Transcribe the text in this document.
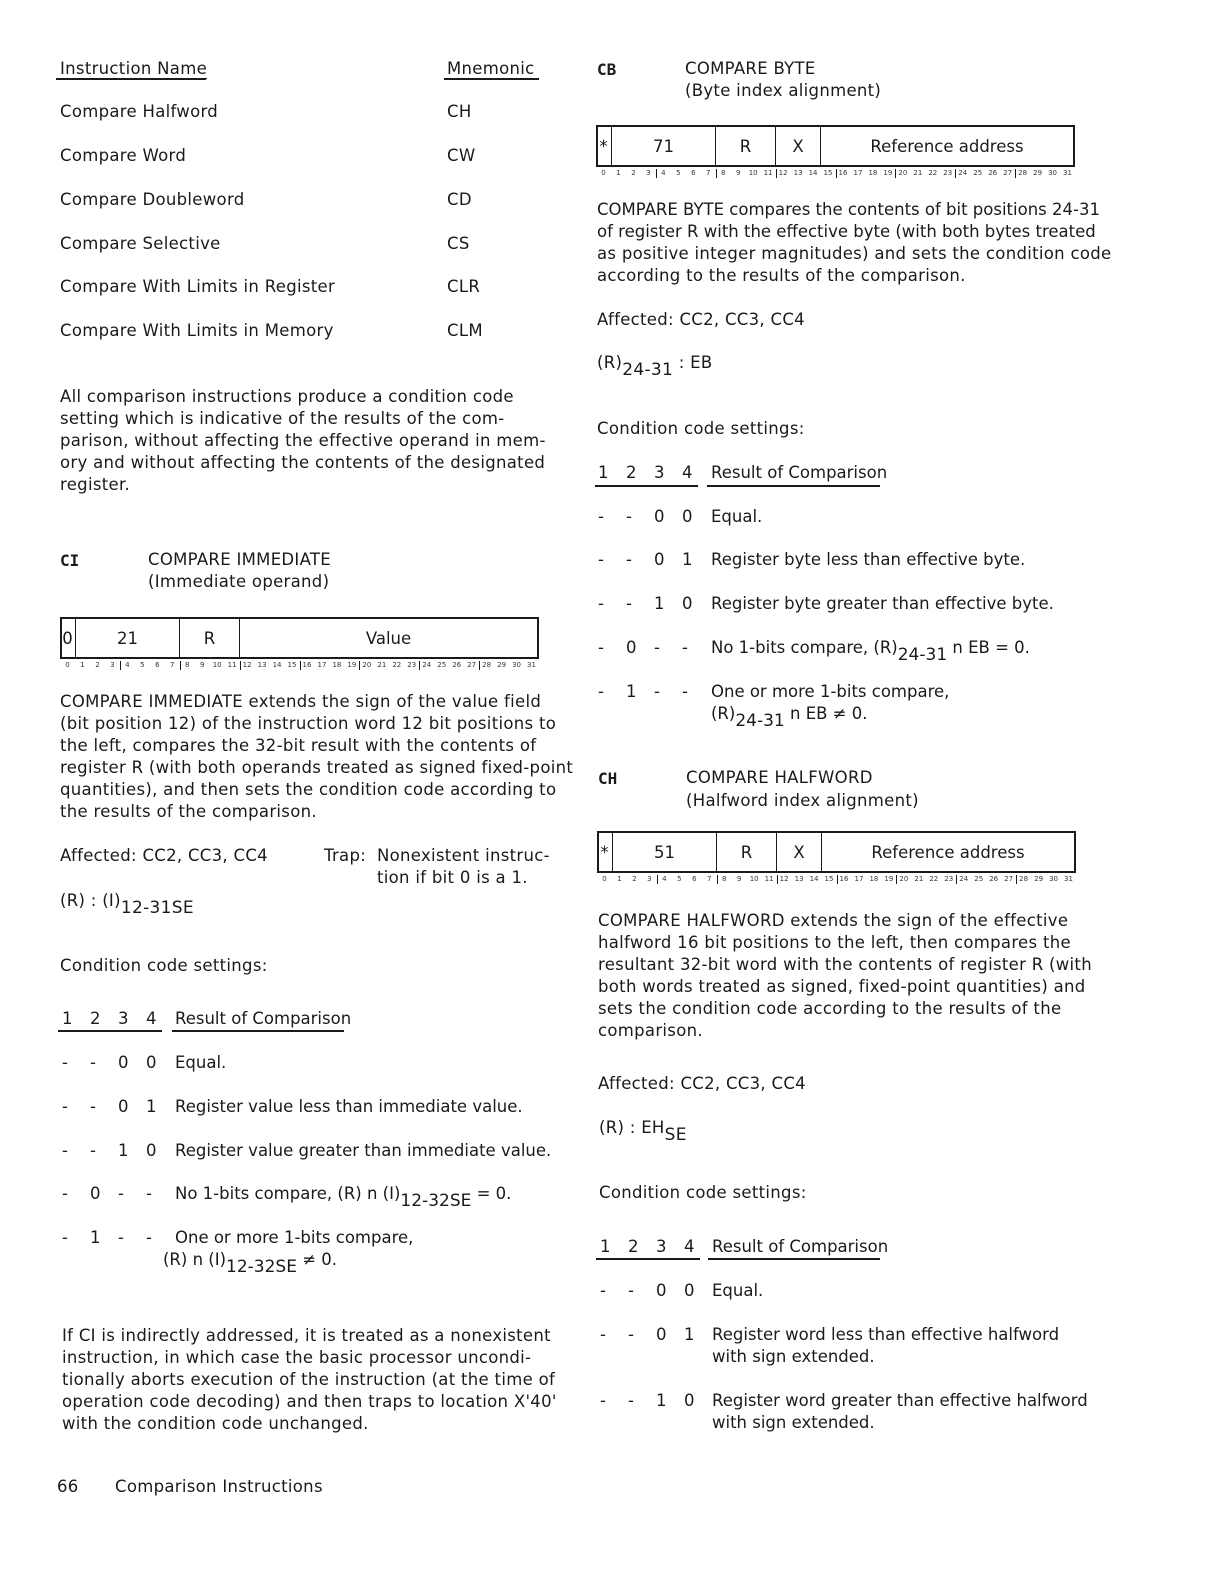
Instruction Name	Mnemonic
Compare Halfword	CH
Compare Word	CW
Compare Doubleword	CD
Compare Selective	CS
Compare With Limits in Register	CLR
Compare With Limits in Memory	CLM
All comparison instructions produce a condition code
setting which is indicative of the results of the com-
parison, without affecting the effective operand in mem-
ory and without affecting the contents of the designated
register.
CI	COMPARE IMMEDIATE
(Immediate operand)
0	21	R	Value
0	1	2	3	4	5	6	7	8	9	10 11 12 13 14 15 16 17 18 19 20 21 22 23 24 25 26 27 28 29 30 31
COMPARE IMMEDIATE extends the sign of the value field
(bit position 12) of the instruction word 12 bit positions to
the left, compares the 32-bit result with the contents of
register R (with both operands treated as signed fixed-point
quantities), and then sets the condition code according to
the results of the comparison.
Affected: CC2, CC3, CC4	Trap: Nonexistent instruc-
tion if bit 0 is a 1.
(R) : (I)12-31SE
Condition code settings:
1 2 3 4 Result of Comparison
- - 0 0 Equal.
- - 0 1 Register value less than immediate value.
- - 1 0 Register value greater than immediate value.
- 0 - - No 1-bits compare, (R) n (I)12-32SE = 0.
- 1 - - One or more 1-bits compare,
(R) n (I)12-32SE ≠ 0.
If CI is indirectly addressed, it is treated as a nonexistent
instruction, in which case the basic processor uncondi-
tionally aborts execution of the instruction (at the time of
operation code decoding) and then traps to location X'40'
with the condition code unchanged.
66 Comparison Instructions
CB	COMPARE BYTE
(Byte index alignment)
*	71	R	X	Reference address
0	1	2	3	4	5	6	7	8	9	10 11 12 13 14 15 16 17 18 19 20 21 22 23 24 25 26 27 28 29 30 31
COMPARE BYTE compares the contents of bit positions 24-31
of register R with the effective byte (with both bytes treated
as positive integer magnitudes) and sets the condition code
according to the results of the comparison.
Affected: CC2, CC3, CC4
(R)24-31 : EB
Condition code settings:
1 2 3 4 Result of Comparison
- - 0 0 Equal.
- - 0 1 Register byte less than effective byte.
- - 1 0 Register byte greater than effective byte.
- 0 - - No 1-bits compare, (R)24-31 n EB = 0.
- 1 - - One or more 1-bits compare,
(R)24-31 n EB ≠ 0.
CH	COMPARE HALFWORD
(Halfword index alignment)
*	51	R	X	Reference address
0	1	2	3	4	5	6	7	8	9	10 11 12 13 14 15 16 17 18 19 20 21 22 23 24 25 26 27 28 29 30 31
COMPARE HALFWORD extends the sign of the effective
halfword 16 bit positions to the left, then compares the
resultant 32-bit word with the contents of register R (with
both words treated as signed, fixed-point quantities) and
sets the condition code according to the results of the
comparison.
Affected: CC2, CC3, CC4
(R) : EHSE
Condition code settings:
1 2 3 4 Result of Comparison
- - 0 0 Equal.
- - 0 1 Register word less than effective halfword
with sign extended.
- - 1 0 Register word greater than effective halfword
with sign extended.
